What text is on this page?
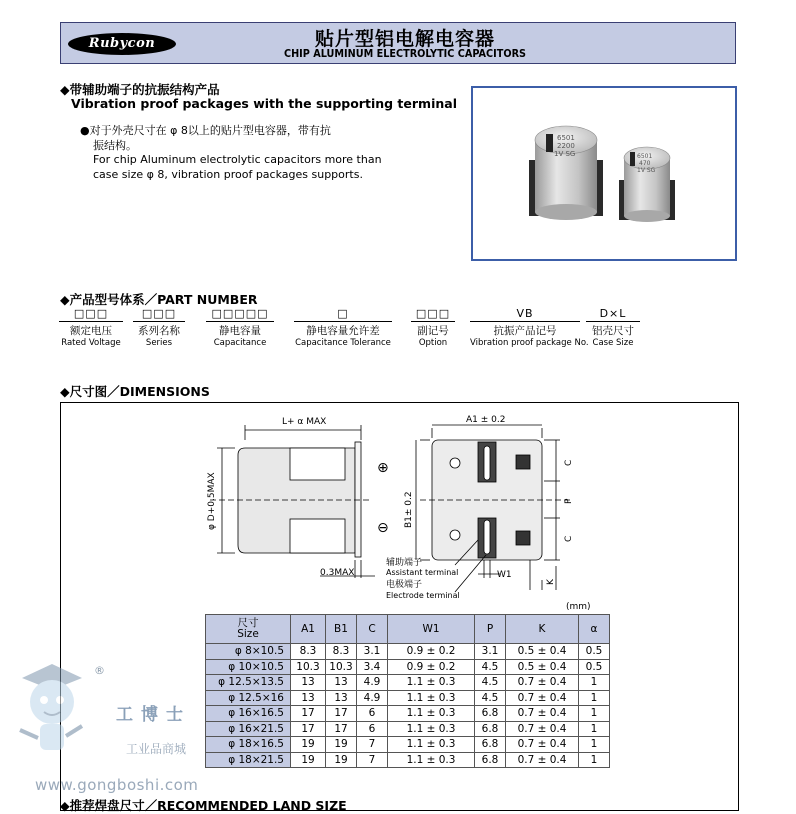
Rubycon	贴片型铝电解电容器
CHIP ALUMINUM ELECTROLYTIC CAPACITORS
◆带辅助端子的抗振结构产品
Vibration proof packages with the supporting terminal
●对于外壳尺寸在 φ 8以上的贴片型电容器，带有抗
振结构。
For chip Aluminum electrolytic capacitors more than
case size φ 8, vibration proof packages supports.
6501
2200
1V SG	6501
470
1V SG
◆产品型号体系／PART NUMBER
□□□
额定电压
Rated Voltage
□□□
系列名称
Series
□□□□□
静电容量
Capacitance
□
静电容量允许差
Capacitance Tolerance
□□□
副记号
Option
VB
抗振产品记号
Vibration proof package No.
D×L
铝壳尺寸
Case Size
◆尺寸图／DIMENSIONS
L+ α MAX
φ D+0.5MAX
0.3MAX
A1 ± 0.2
B1± 0.2
C
P
C
W1
K
⊕
⊖
辅助端子
Assistant terminal
电极端子
Electrode terminal
(mm)
尺寸
Size	A1	B1	C	W1	P	K	α
φ 8×10.5	8.3	8.3	3.1	0.9 ± 0.2	3.1	0.5 ± 0.4	0.5
φ 10×10.5	10.3	10.3	3.4	0.9 ± 0.2	4.5	0.5 ± 0.4	0.5
φ 12.5×13.5	13	13	4.9	1.1 ± 0.3	4.5	0.7 ± 0.4	1
φ 12.5×16	13	13	4.9	1.1 ± 0.3	4.5	0.7 ± 0.4	1
φ 16×16.5	17	17	6	1.1 ± 0.3	6.8	0.7 ± 0.4	1
φ 16×21.5	17	17	6	1.1 ± 0.3	6.8	0.7 ± 0.4	1
φ 18×16.5	19	19	7	1.1 ± 0.3	6.8	0.7 ± 0.4	1
φ 18×21.5	19	19	7	1.1 ± 0.3	6.8	0.7 ± 0.4	1
◆推荐焊盘尺寸／RECOMMENDED LAND SIZE
®
工博士
工业品商城
www.gongboshi.com
